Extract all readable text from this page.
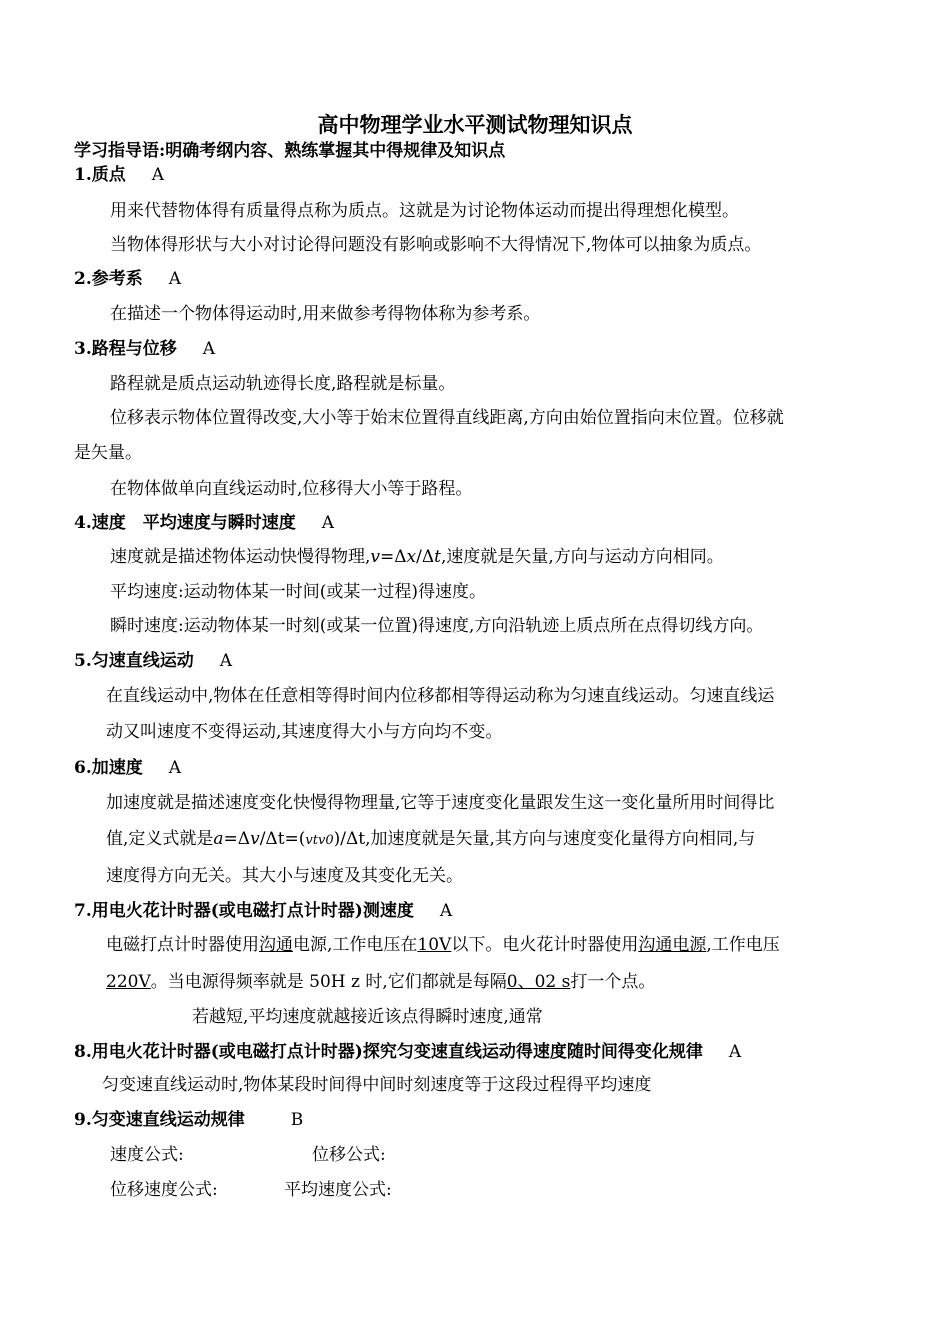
高中物理学业水平测试物理知识点
学习指导语:明确考纲内容、熟练掌握其中得规律及知识点
1.质点 A
用来代替物体得有质量得点称为质点。这就是为讨论物体运动而提出得理想化模型。
当物体得形状与大小对讨论得问题没有影响或影响不大得情况下,物体可以抽象为质点。
2.参考系 A
在描述一个物体得运动时,用来做参考得物体称为参考系。
3.路程与位移 A
路程就是质点运动轨迹得长度,路程就是标量。
位移表示物体位置得改变,大小等于始末位置得直线距离,方向由始位置指向末位置。位移就
是矢量。
在物体做单向直线运动时,位移得大小等于路程。
4.速度　平均速度与瞬时速度 A
速度就是描述物体运动快慢得物理,v=Δx/Δt,速度就是矢量,方向与运动方向相同。
平均速度:运动物体某一时间(或某一过程)得速度。
瞬时速度:运动物体某一时刻(或某一位置)得速度,方向沿轨迹上质点所在点得切线方向。
5.匀速直线运动 A
在直线运动中,物体在任意相等得时间内位移都相等得运动称为匀速直线运动。匀速直线运
动又叫速度不变得运动,其速度得大小与方向均不变。
6.加速度 A
加速度就是描述速度变化快慢得物理量,它等于速度变化量跟发生这一变化量所用时间得比
值,定义式就是a=Δv/Δt=(vtv0)/Δt,加速度就是矢量,其方向与速度变化量得方向相同,与
速度得方向无关。其大小与速度及其变化无关。
7.用电火花计时器(或电磁打点计时器)测速度 A
电磁打点计时器使用沟通电源,工作电压在10V以下。电火花计时器使用沟通电源,工作电压
220V。当电源得频率就是 50H z 时,它们都就是每隔0、02 s打一个点。
若越短,平均速度就越接近该点得瞬时速度,通常
8.用电火花计时器(或电磁打点计时器)探究匀变速直线运动得速度随时间得变化规律 A
匀变速直线运动时,物体某段时间得中间时刻速度等于这段过程得平均速度
9.匀变速直线运动规律	B
速度公式:	位移公式:
位移速度公式:	平均速度公式:
